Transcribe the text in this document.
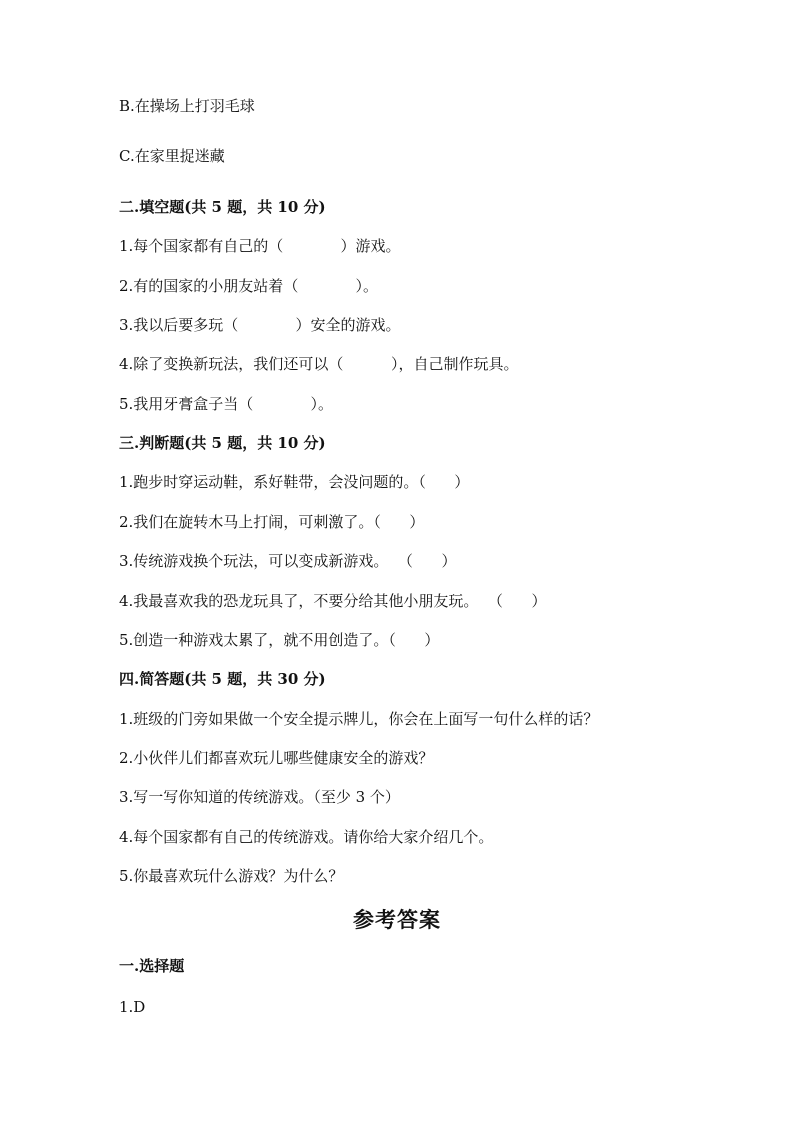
B.在操场上打羽毛球
C.在家里捉迷藏
二.填空题(共 5 题，共 10 分)
1.每个国家都有自己的（            ）游戏。
2.有的国家的小朋友站着（            ）。
3.我以后要多玩（            ）安全的游戏。
4.除了变换新玩法，我们还可以（          ），自己制作玩具。
5.我用牙膏盒子当（            ）。
三.判断题(共 5 题，共 10 分)
1.跑步时穿运动鞋，系好鞋带，会没问题的。（      ）
2.我们在旋转木马上打闹，可刺激了。（      ）
3.传统游戏换个玩法，可以变成新游戏。  （      ）
4.我最喜欢我的恐龙玩具了，不要分给其他小朋友玩。  （      ）
5.创造一种游戏太累了，就不用创造了。（      ）
四.简答题(共 5 题，共 30 分)
1.班级的门旁如果做一个安全提示牌儿，你会在上面写一句什么样的话？
2.小伙伴儿们都喜欢玩儿哪些健康安全的游戏？
3.写一写你知道的传统游戏。（至少 3 个）
4.每个国家都有自己的传统游戏。请你给大家介绍几个。
5.你最喜欢玩什么游戏？为什么？
参考答案
一.选择题
1.D
